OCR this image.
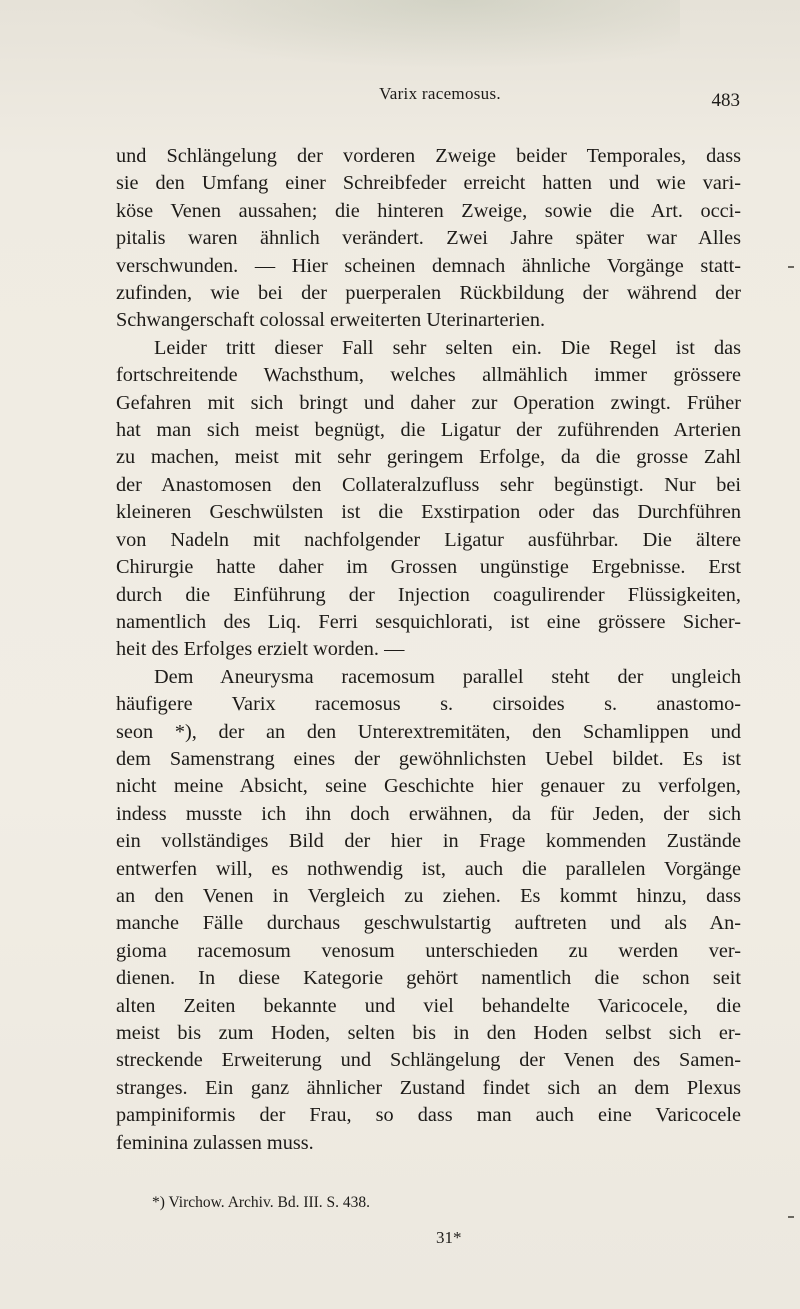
Varix racemosus.	483
und Schlängelung der vorderen Zweige beider Temporales, dass
sie den Umfang einer Schreibfeder erreicht hatten und wie vari-
köse Venen aussahen; die hinteren Zweige, sowie die Art. occi-
pitalis waren ähnlich verändert. Zwei Jahre später war Alles
verschwunden. — Hier scheinen demnach ähnliche Vorgänge statt-
zufinden, wie bei der puerperalen Rückbildung der während der
Schwangerschaft colossal erweiterten Uterinarterien.
Leider tritt dieser Fall sehr selten ein. Die Regel ist das
fortschreitende Wachsthum, welches allmählich immer grössere
Gefahren mit sich bringt und daher zur Operation zwingt. Früher
hat man sich meist begnügt, die Ligatur der zuführenden Arterien
zu machen, meist mit sehr geringem Erfolge, da die grosse Zahl
der Anastomosen den Collateralzufluss sehr begünstigt. Nur bei
kleineren Geschwülsten ist die Exstirpation oder das Durchführen
von Nadeln mit nachfolgender Ligatur ausführbar. Die ältere
Chirurgie hatte daher im Grossen ungünstige Ergebnisse. Erst
durch die Einführung der Injection coagulirender Flüssigkeiten,
namentlich des Liq. Ferri sesquichlorati, ist eine grössere Sicher-
heit des Erfolges erzielt worden. —
Dem Aneurysma racemosum parallel steht der ungleich
häufigere Varix racemosus s. cirsoides s. anastomo-
seon *), der an den Unterextremitäten, den Schamlippen und
dem Samenstrang eines der gewöhnlichsten Uebel bildet. Es ist
nicht meine Absicht, seine Geschichte hier genauer zu verfolgen,
indess musste ich ihn doch erwähnen, da für Jeden, der sich
ein vollständiges Bild der hier in Frage kommenden Zustände
entwerfen will, es nothwendig ist, auch die parallelen Vorgänge
an den Venen in Vergleich zu ziehen. Es kommt hinzu, dass
manche Fälle durchaus geschwulstartig auftreten und als An-
gioma racemosum venosum unterschieden zu werden ver-
dienen. In diese Kategorie gehört namentlich die schon seit
alten Zeiten bekannte und viel behandelte Varicocele, die
meist bis zum Hoden, selten bis in den Hoden selbst sich er-
streckende Erweiterung und Schlängelung der Venen des Samen-
stranges. Ein ganz ähnlicher Zustand findet sich an dem Plexus
pampiniformis der Frau, so dass man auch eine Varicocele
feminina zulassen muss.
*) Virchow. Archiv. Bd. III. S. 438.
31*
